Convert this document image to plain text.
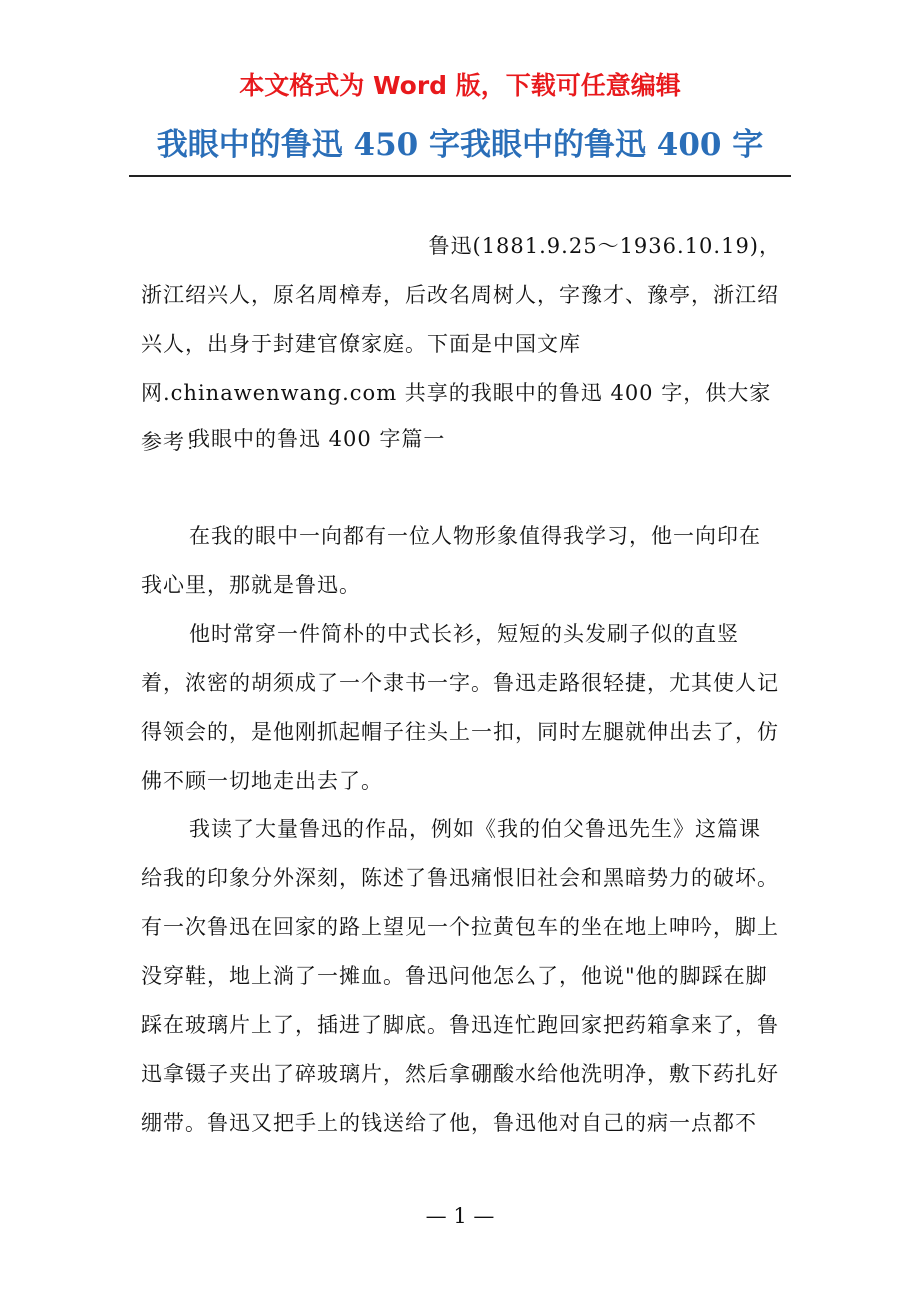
本文格式为 Word 版，下载可任意编辑

我眼中的鲁迅 450 字我眼中的鲁迅 400 字

鲁迅(1881.9.25～1936.10.19)，
浙江绍兴人，原名周樟寿，后改名周树人，字豫才、豫亭，浙江绍兴人，出身于封建官僚家庭。下面是中国文库网.chinawenwang.com 共享的我眼中的鲁迅 400 字，供大家参考！

我眼中的鲁迅 400 字篇一

在我的眼中一向都有一位人物形象值得我学习，他一向印在我心里，那就是鲁迅。

他时常穿一件简朴的中式长衫，短短的头发刷子似的直竖着，浓密的胡须成了一个隶书一字。鲁迅走路很轻捷，尤其使人记得领会的，是他刚抓起帽子往头上一扣，同时左腿就伸出去了，仿佛不顾一切地走出去了。

我读了大量鲁迅的作品，例如《我的伯父鲁迅先生》这篇课给我的印象分外深刻，陈述了鲁迅痛恨旧社会和黑暗势力的破坏。有一次鲁迅在回家的路上望见一个拉黄包车的坐在地上呻吟，脚上没穿鞋，地上淌了一摊血。鲁迅问他怎么了，他说"他的脚踩在脚踩在玻璃片上了，插进了脚底。鲁迅连忙跑回家把药箱拿来了，鲁迅拿镊子夹出了碎玻璃片，然后拿硼酸水给他洗明净，敷下药扎好绷带。鲁迅又把手上的钱送给了他，鲁迅他对自己的病一点都不

— 1 —
